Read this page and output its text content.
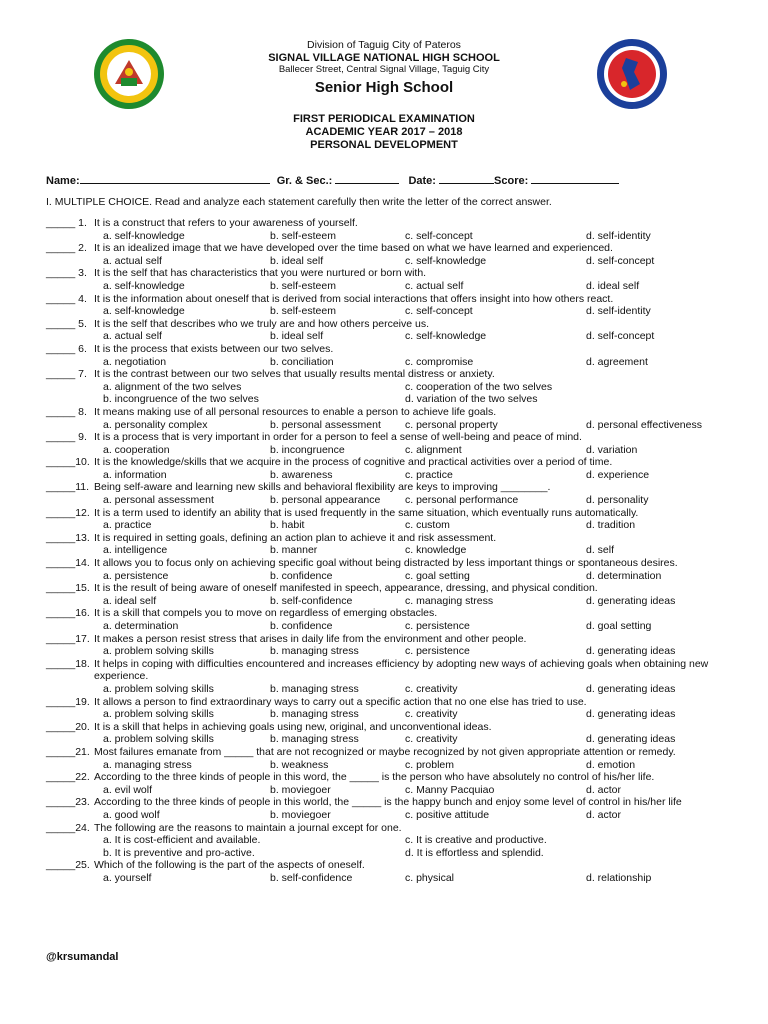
Division of Taguig City of Pateros
SIGNAL VILLAGE NATIONAL HIGH SCHOOL
Ballecer Street, Central Signal Village, Taguig City
Senior High School
FIRST PERIODICAL EXAMINATION
ACADEMIC YEAR 2017 – 2018
PERSONAL DEVELOPMENT
Name:	Gr. & Sec.:	Date:	Score:
I. MULTIPLE CHOICE. Read and analyze each statement carefully then write the letter of the correct answer.
_____ 1. It is a construct that refers to your awareness of yourself.
a. self-knowledge	b. self-esteem	c. self-concept	d. self-identity
_____ 2. It is an idealized image that we have developed over the time based on what we have learned and experienced.
a. actual self	b. ideal self	c. self-knowledge	d. self-concept
_____ 3. It is the self that has characteristics that you were nurtured or born with.
a. self-knowledge	b. self-esteem	c. actual self	d. ideal self
_____ 4. It is the information about oneself that is derived from social interactions that offers insight into how others react.
a. self-knowledge	b. self-esteem	c. self-concept	d. self-identity
_____ 5. It is the self that describes who we truly are and how others perceive us.
a. actual self	b. ideal self	c. self-knowledge	d. self-concept
_____ 6. It is the process that exists between our two selves.
a. negotiation	b. conciliation	c. compromise	d. agreement
_____ 7. It is the contrast between our two selves that usually results mental distress or anxiety.
a. alignment of the two selves	c. cooperation of the two selves
b. incongruence of the two selves	d. variation of the two selves
_____ 8. It means making use of all personal resources to enable a person to achieve life goals.
a. personality complex	b. personal assessment	c. personal property	d. personal effectiveness
_____ 9. It is a process that is very important in order for a person to feel a sense of well-being and peace of mind.
a. cooperation	b. incongruence	c. alignment	d. variation
_____10. It is the knowledge/skills that we acquire in the process of cognitive and practical activities over a period of time.
a. information	b. awareness	c. practice	d. experience
_____11. Being self-aware and learning new skills and behavioral flexibility are keys to improving ________.
a. personal assessment	b. personal appearance	c. personal performance	d. personality
_____12. It is a term used to identify an ability that is used frequently in the same situation, which eventually runs automatically.
a. practice	b. habit	c. custom	d. tradition
_____13. It is required in setting goals, defining an action plan to achieve it and risk assessment.
a. intelligence	b. manner	c. knowledge	d. self
_____14. It allows you to focus only on achieving specific goal without being distracted by less important things or spontaneous desires.
a. persistence	b. confidence	c. goal setting	d. determination
_____15. It is the result of being aware of oneself manifested in speech, appearance, dressing, and physical condition.
a. ideal self	b. self-confidence	c. managing stress	d. generating ideas
_____16. It is a skill that compels you to move on regardless of emerging obstacles.
a. determination	b. confidence	c. persistence	d. goal setting
_____17. It makes a person resist stress that arises in daily life from the environment and other people.
a. problem solving skills	b. managing stress	c. persistence	d. generating ideas
_____18. It helps in coping with difficulties encountered and increases efficiency by adopting new ways of achieving goals when obtaining new experience.
a. problem solving skills	b. managing stress	c. creativity	d. generating ideas
_____19. It allows a person to find extraordinary ways to carry out a specific action that no one else has tried to use.
a. problem solving skills	b. managing stress	c. creativity	d. generating ideas
_____20. It is a skill that helps in achieving goals using new, original, and unconventional ideas.
a. problem solving skills	b. managing stress	c. creativity	d. generating ideas
_____21. Most failures emanate from _____ that are not recognized or maybe recognized by not given appropriate attention or remedy.
a. managing stress	b. weakness	c. problem	d. emotion
_____22. According to the three kinds of people in this word, the _____ is the person who have absolutely no control of his/her life.
a. evil wolf	b. moviegoer	c. Manny Pacquiao	d. actor
_____23. According to the three kinds of people in this world, the _____ is the happy bunch and enjoy some level of control in his/her life
a. good wolf	b. moviegoer	c. positive attitude	d. actor
_____24. The following are the reasons to maintain a journal except for one.
a. It is cost-efficient and available.	c. It is creative and productive.
b. It is preventive and pro-active.	d. It is effortless and splendid.
_____25. Which of the following is the part of the aspects of oneself.
a. yourself	b. self-confidence	c. physical	d. relationship
@krsumandal
